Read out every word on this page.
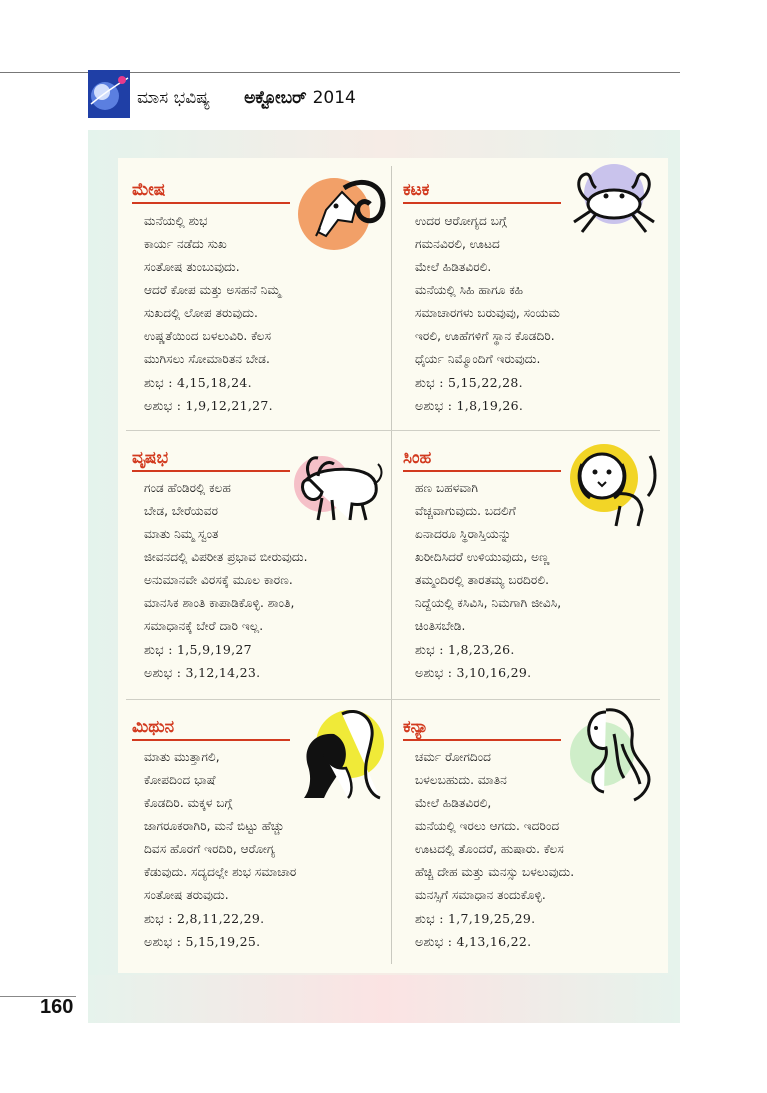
ಮಾಸ ಭವಿಷ್ಯ ಅಕ್ಟೋಬರ್ 2014
ಮೇಷ
ಮನೆಯಲ್ಲಿ ಶುಭ
ಕಾರ್ಯ ನಡೆದು ಸುಖ
ಸಂತೋಷ ತುಂಬುವುದು.
ಆದರೆ ಕೋಪ ಮತ್ತು ಅಸಹನೆ ನಿಮ್ಮ
ಸುಖದಲ್ಲಿ ಲೋಪ ತರುವುದು.
ಉಷ್ಣತೆಯಿಂದ ಬಳಲುವಿರಿ. ಕೆಲಸ
ಮುಗಿಸಲು ಸೋಮಾರಿತನ ಬೇಡ.
ಶುಭ : 4,15,18,24.
ಅಶುಭ : 1,9,12,21,27.
ಕಟಕ
ಉದರ ಆರೋಗ್ಯದ ಬಗ್ಗೆ
ಗಮನವಿರಲಿ, ಊಟದ
ಮೇಲೆ ಹಿಡಿತವಿರಲಿ.
ಮನೆಯಲ್ಲಿ ಸಿಹಿ ಹಾಗೂ ಕಹಿ
ಸಮಾಚಾರಗಳು ಬರುವುವು, ಸಂಯಮ
ಇರಲಿ, ಊಹೆಗಳಿಗೆ ಸ್ಥಾನ ಕೊಡದಿರಿ.
ಧೈರ್ಯ ನಿಮ್ಮೊಂದಿಗೆ ಇರುವುದು.
ಶುಭ : 5,15,22,28.
ಅಶುಭ : 1,8,19,26.
ವೃಷಭ
ಗಂಡ ಹೆಂಡಿರಲ್ಲಿ ಕಲಹ
ಬೇಡ, ಬೇರೆಯವರ
ಮಾತು ನಿಮ್ಮ ಸ್ವಂತ
ಜೀವನದಲ್ಲಿ ವಿಪರೀತ ಪ್ರಭಾವ ಬೀರುವುದು.
ಅನುಮಾನವೇ ವಿರಸಕ್ಕೆ ಮೂಲ ಕಾರಣ.
ಮಾನಸಿಕ ಶಾಂತಿ ಕಾಪಾಡಿಕೊಳ್ಳಿ. ಶಾಂತಿ,
ಸಮಾಧಾನಕ್ಕೆ ಬೇರೆ ದಾರಿ ಇಲ್ಲ.
ಶುಭ : 1,5,9,19,27
ಅಶುಭ : 3,12,14,23.
ಸಿಂಹ
ಹಣ ಬಹಳವಾಗಿ
ವೆಚ್ಚವಾಗುವುದು. ಬದಲಿಗೆ
ಏನಾದರೂ ಸ್ಥಿರಾಸ್ತಿಯನ್ನು
ಖರೀದಿಸಿದರೆ ಉಳಿಯುವುದು, ಅಣ್ಣ
ತಮ್ಮಂದಿರಲ್ಲಿ ತಾರತಮ್ಯ ಬರದಿರಲಿ.
ನಿದ್ದೆಯಲ್ಲಿ ಕಸಿವಿಸಿ, ನಿಮಗಾಗಿ ಜೀವಿಸಿ,
ಚಿಂತಿಸಬೇಡಿ.
ಶುಭ : 1,8,23,26.
ಅಶುಭ : 3,10,16,29.
ಮಿಥುನ
ಮಾತು ಮುತ್ತಾಗಲಿ,
ಕೋಪದಿಂದ ಭಾಷೆ
ಕೊಡದಿರಿ. ಮಕ್ಕಳ ಬಗ್ಗೆ
ಜಾಗರೂಕರಾಗಿರಿ, ಮನೆ ಬಿಟ್ಟು ಹೆಚ್ಚು
ದಿವಸ ಹೊರಗೆ ಇರದಿರಿ, ಆರೋಗ್ಯ
ಕೆಡುವುದು. ಸದ್ಯದಲ್ಲೇ ಶುಭ ಸಮಾಚಾರ
ಸಂತೋಷ ತರುವುದು.
ಶುಭ : 2,8,11,22,29.
ಅಶುಭ : 5,15,19,25.
ಕನ್ಯಾ
ಚರ್ಮ ರೋಗದಿಂದ
ಬಳಲಬಹುದು. ಮಾತಿನ
ಮೇಲೆ ಹಿಡಿತವಿರಲಿ,
ಮನೆಯಲ್ಲಿ ಇರಲು ಆಗದು. ಇದರಿಂದ
ಊಟದಲ್ಲಿ ತೊಂದರೆ, ಹುಷಾರು. ಕೆಲಸ
ಹೆಚ್ಚಿ ದೇಹ ಮತ್ತು ಮನಸ್ಸು ಬಳಲುವುದು.
ಮನಸ್ಸಿಗೆ ಸಮಾಧಾನ ತಂದುಕೊಳ್ಳಿ.
ಶುಭ : 1,7,19,25,29.
ಅಶುಭ : 4,13,16,22.
160
